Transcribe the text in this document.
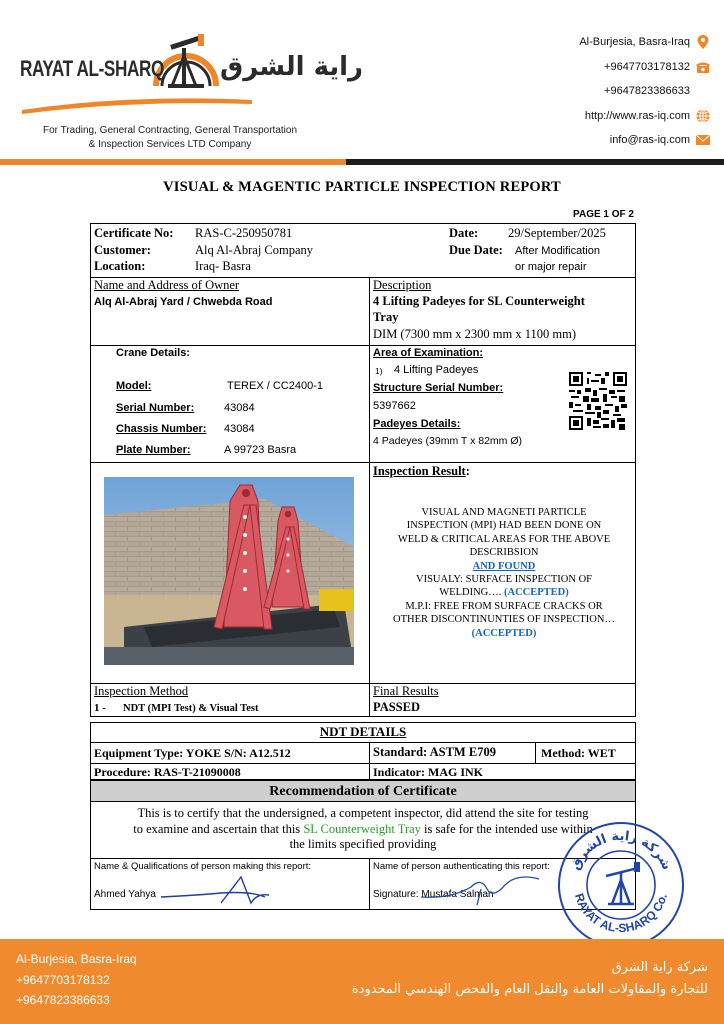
RAYAT AL-SHARQ راية الشرق
For Trading, General Contracting, General Transportation
& Inspection Services LTD Company
Al-Burjesia, Basra-Iraq
+9647703178132
+9647823386633
http://www.ras-iq.com
info@ras-iq.com
VISUAL & MAGENTIC PARTICLE INSPECTION REPORT
PAGE 1 OF 2
Certificate No: RAS-C-250950781
Customer:	Alq Al-Abraj Company
Location:	Iraq- Basra
Date: 29/September/2025
Due Date: After Modification
or major repair
Name and Address of Owner
Alq Al-Abraj Yard / Chwebda Road
Description
4 Lifting Padeyes for SL Counterweight
Tray
DIM (7300 mm x 2300 mm x 1100 mm)
Crane Details:
Model:	TEREX / CC2400-1
Serial Number:	43084
Chassis Number: 43084
Plate Number:	A 99723 Basra
Area of Examination:
1) 4 Lifting Padeyes
Structure Serial Number:
5397662
Padeyes Details:
4 Padeyes (39mm T x 82mm Ø)
Inspection Result:
VISUAL AND MAGNETI PARTICLE
INSPECTION (MPI) HAD BEEN DONE ON
WELD & CRITICAL AREAS FOR THE ABOVE
DESCRIBSION
AND FOUND
VISUALY: SURFACE INSPECTION OF
WELDING…. (ACCEPTED)
M.P.I: FREE FROM SURFACE CRACKS OR
OTHER DISCONTINUNTIES OF INSPECTION…
(ACCEPTED)
Inspection Method
1 - NDT (MPI Test) & Visual Test
Final Results
PASSED
NDT DETAILS
Equipment Type: YOKE S/N: A12.512	Standard: ASTM E709	Method: WET
Procedure: RAS-T-21090008	Indicator: MAG INK
Recommendation of Certificate
This is to certify that the undersigned, a competent inspector, did attend the site for testing
to examine and ascertain that this SL Counterweight Tray is safe for the intended use within
the limits specified providing
Name & Qualifications of person making this report:
Ahmed Yahya
Name of person authenticating this report:
Signature: Mustafa Salman
شركة راية الشرق
RAYAT AL-SHARQ Co.
Al-Burjesia, Basra-Iraq
+9647703178132
+9647823386633
شركة راية الشرق
للتجارة والمقاولات العامة والنقل العام والفحص الهندسي المحدودة
